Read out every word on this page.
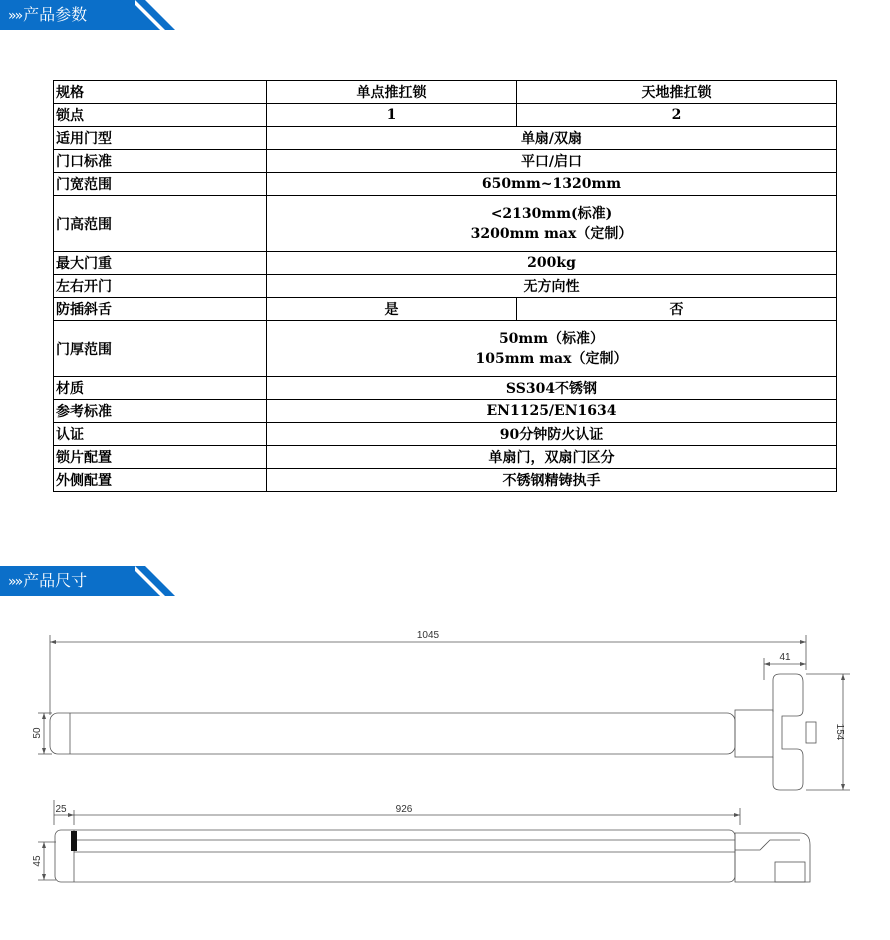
»» 产品参数
规格	单点推扛锁	天地推扛锁
锁点	1	2
适用门型	单扇/双扇	
门口标准	平口/启口	
门宽范围	650mm~1320mm	
门高范围	<2130mm(标准)
3200mm max（定制）	

最大门重	200kg	
左右开门	无方向性	
防插斜舌	是	否
门厚范围	50mm（标准）
105mm max（定制）	

材质	SS304不锈钢	
参考标准	EN1125/EN1634	
认证	90分钟防火认证	
锁片配置	单扇门，双扇门区分	
外侧配置	不锈钢精铸执手	
»» 产品尺寸
1045
41
50	154
25	926
45
